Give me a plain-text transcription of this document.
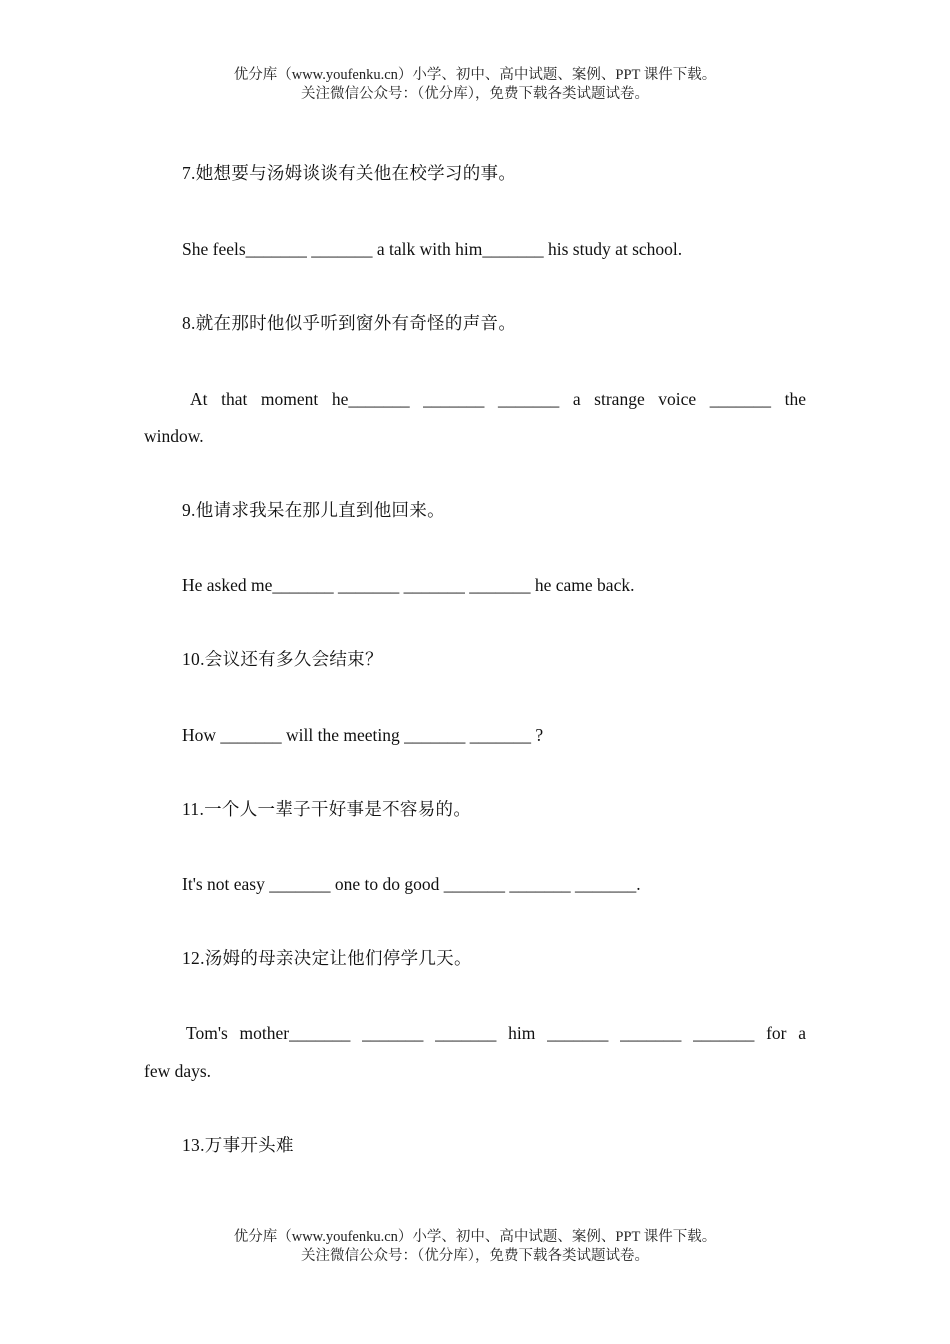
优分库（www.youfenku.cn）小学、初中、高中试题、案例、PPT 课件下载。
关注微信公众号：（优分库），免费下载各类试题试卷。
7.她想要与汤姆谈谈有关他在校学习的事。
She feels_______ _______ a talk with him_______ his study at school.
8.就在那时他似乎听到窗外有奇怪的声音。
At that moment he_______ _______ _______ a strange voice _______ the
window.
9.他请求我呆在那儿直到他回来。
He asked me_______ _______ _______ _______ he came back.
10.会议还有多久会结束？
How _______ will the meeting _______ _______ ?
11.一个人一辈子干好事是不容易的。
It's not easy _______ one to do good _______ _______ _______.
12.汤姆的母亲决定让他们停学几天。
Tom's mother_______ _______ _______ him _______ _______ _______ for a
few days.
13.万事开头难
优分库（www.youfenku.cn）小学、初中、高中试题、案例、PPT 课件下载。
关注微信公众号：（优分库），免费下载各类试题试卷。
